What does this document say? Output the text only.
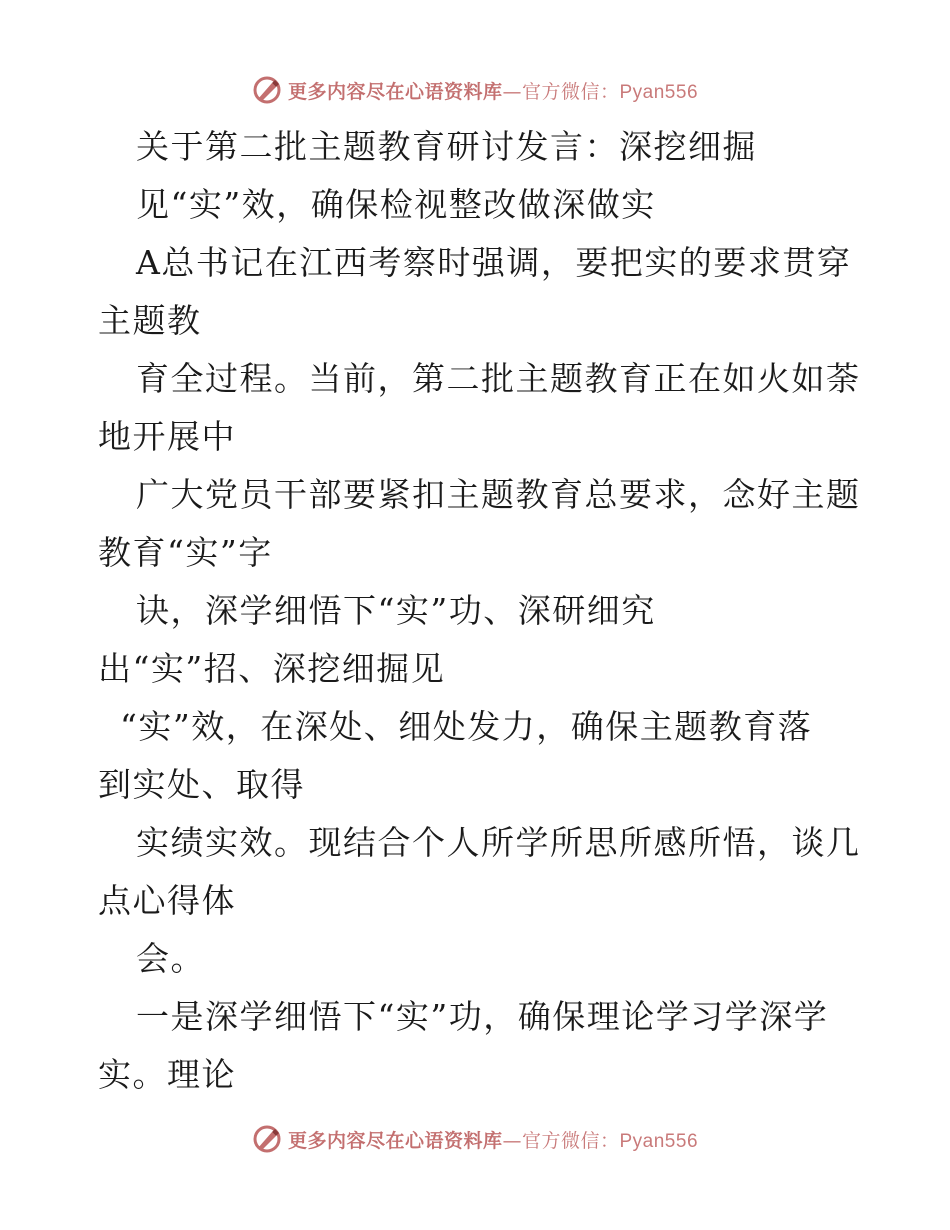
更多内容尽在心语资料库—官方微信：Pyan556
关于第二批主题教育研讨发言：深挖细掘
见“实”效，确保检视整改做深做实
A总书记在江西考察时强调，要把实的要求贯穿
主题教
育全过程。当前，第二批主题教育正在如火如荼
地开展中
广大党员干部要紧扣主题教育总要求，念好主题
教育“实”字
诀，深学细悟下“实”功、深研细究
出“实”招、深挖细掘见
“实”效，在深处、细处发力，确保主题教育落
到实处、取得
实绩实效。现结合个人所学所思所感所悟，谈几
点心得体
会。
一是深学细悟下“实”功，确保理论学习学深学
实。理论
更多内容尽在心语资料库—官方微信：Pyan556
